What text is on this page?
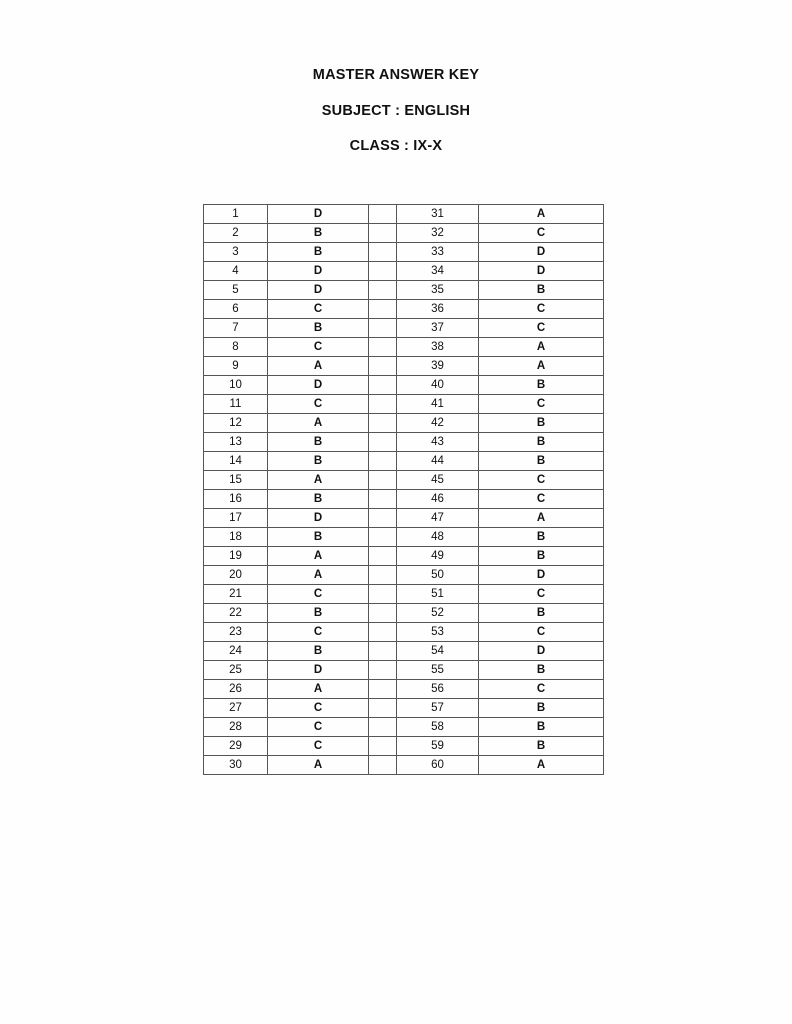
MASTER ANSWER KEY
SUBJECT : ENGLISH
CLASS : IX-X
1	D		31	A
2	B		32	C
3	B		33	D
4	D		34	D
5	D		35	B
6	C		36	C
7	B		37	C
8	C		38	A
9	A		39	A
10	D		40	B
11	C		41	C
12	A		42	B
13	B		43	B
14	B		44	B
15	A		45	C
16	B		46	C
17	D		47	A
18	B		48	B
19	A		49	B
20	A		50	D
21	C		51	C
22	B		52	B
23	C		53	C
24	B		54	D
25	D		55	B
26	A		56	C
27	C		57	B
28	C		58	B
29	C		59	B
30	A		60	A
